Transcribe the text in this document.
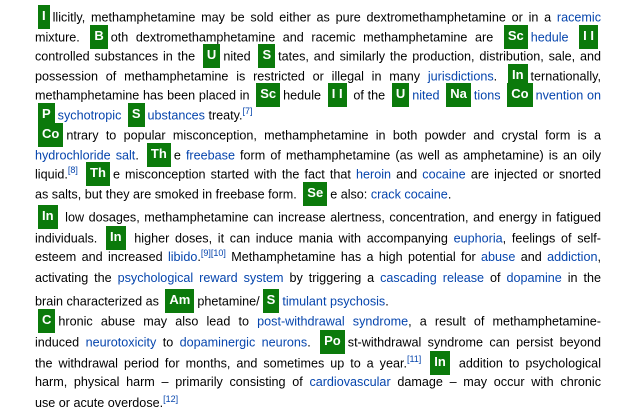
I llicitly, methamphetamine may be sold either as pure dextromethamphetamine or in a racemic
mixture. B oth dextromethamphetamine and racemic methamphetamine are Sc hedule I I
controlled substances in the U nited S tates, and similarly the production, distribution, sale, and
possession of methamphetamine is restricted or illegal in many jurisdictions. In ternationally,
methamphetamine has been placed in Sc hedule I I of the U nited Na tions Co nvention on
P sychotropic S ubstances treaty.[7]
Co ntrary to popular misconception, methamphetamine in both powder and crystal form is a
hydrochloride salt. Th e freebase form of methamphetamine (as well as amphetamine) is an oily
liquid.[8] Th e misconception started with the fact that heroin and cocaine are injected or snorted
as salts, but they are smoked in freebase form. Se e also: crack cocaine.
In low dosages, methamphetamine can increase alertness, concentration, and energy in fatigued
individuals. In higher doses, it can induce mania with accompanying euphoria, feelings of self-
esteem and increased libido.[9][10] Methamphetamine has a high potential for abuse and addiction,
activating the psychological reward system by triggering a cascading release of dopamine in the
brain characterized as Am phetamine/ S timulant psychosis.
C hronic abuse may also lead to post-withdrawal syndrome, a result of methamphetamine-
induced neurotoxicity to dopaminergic neurons. Po st-withdrawal syndrome can persist beyond
the withdrawal period for months, and sometimes up to a year.[11] In addition to psychological
harm, physical harm – primarily consisting of cardiovascular damage – may occur with chronic
use or acute overdose.[12]
